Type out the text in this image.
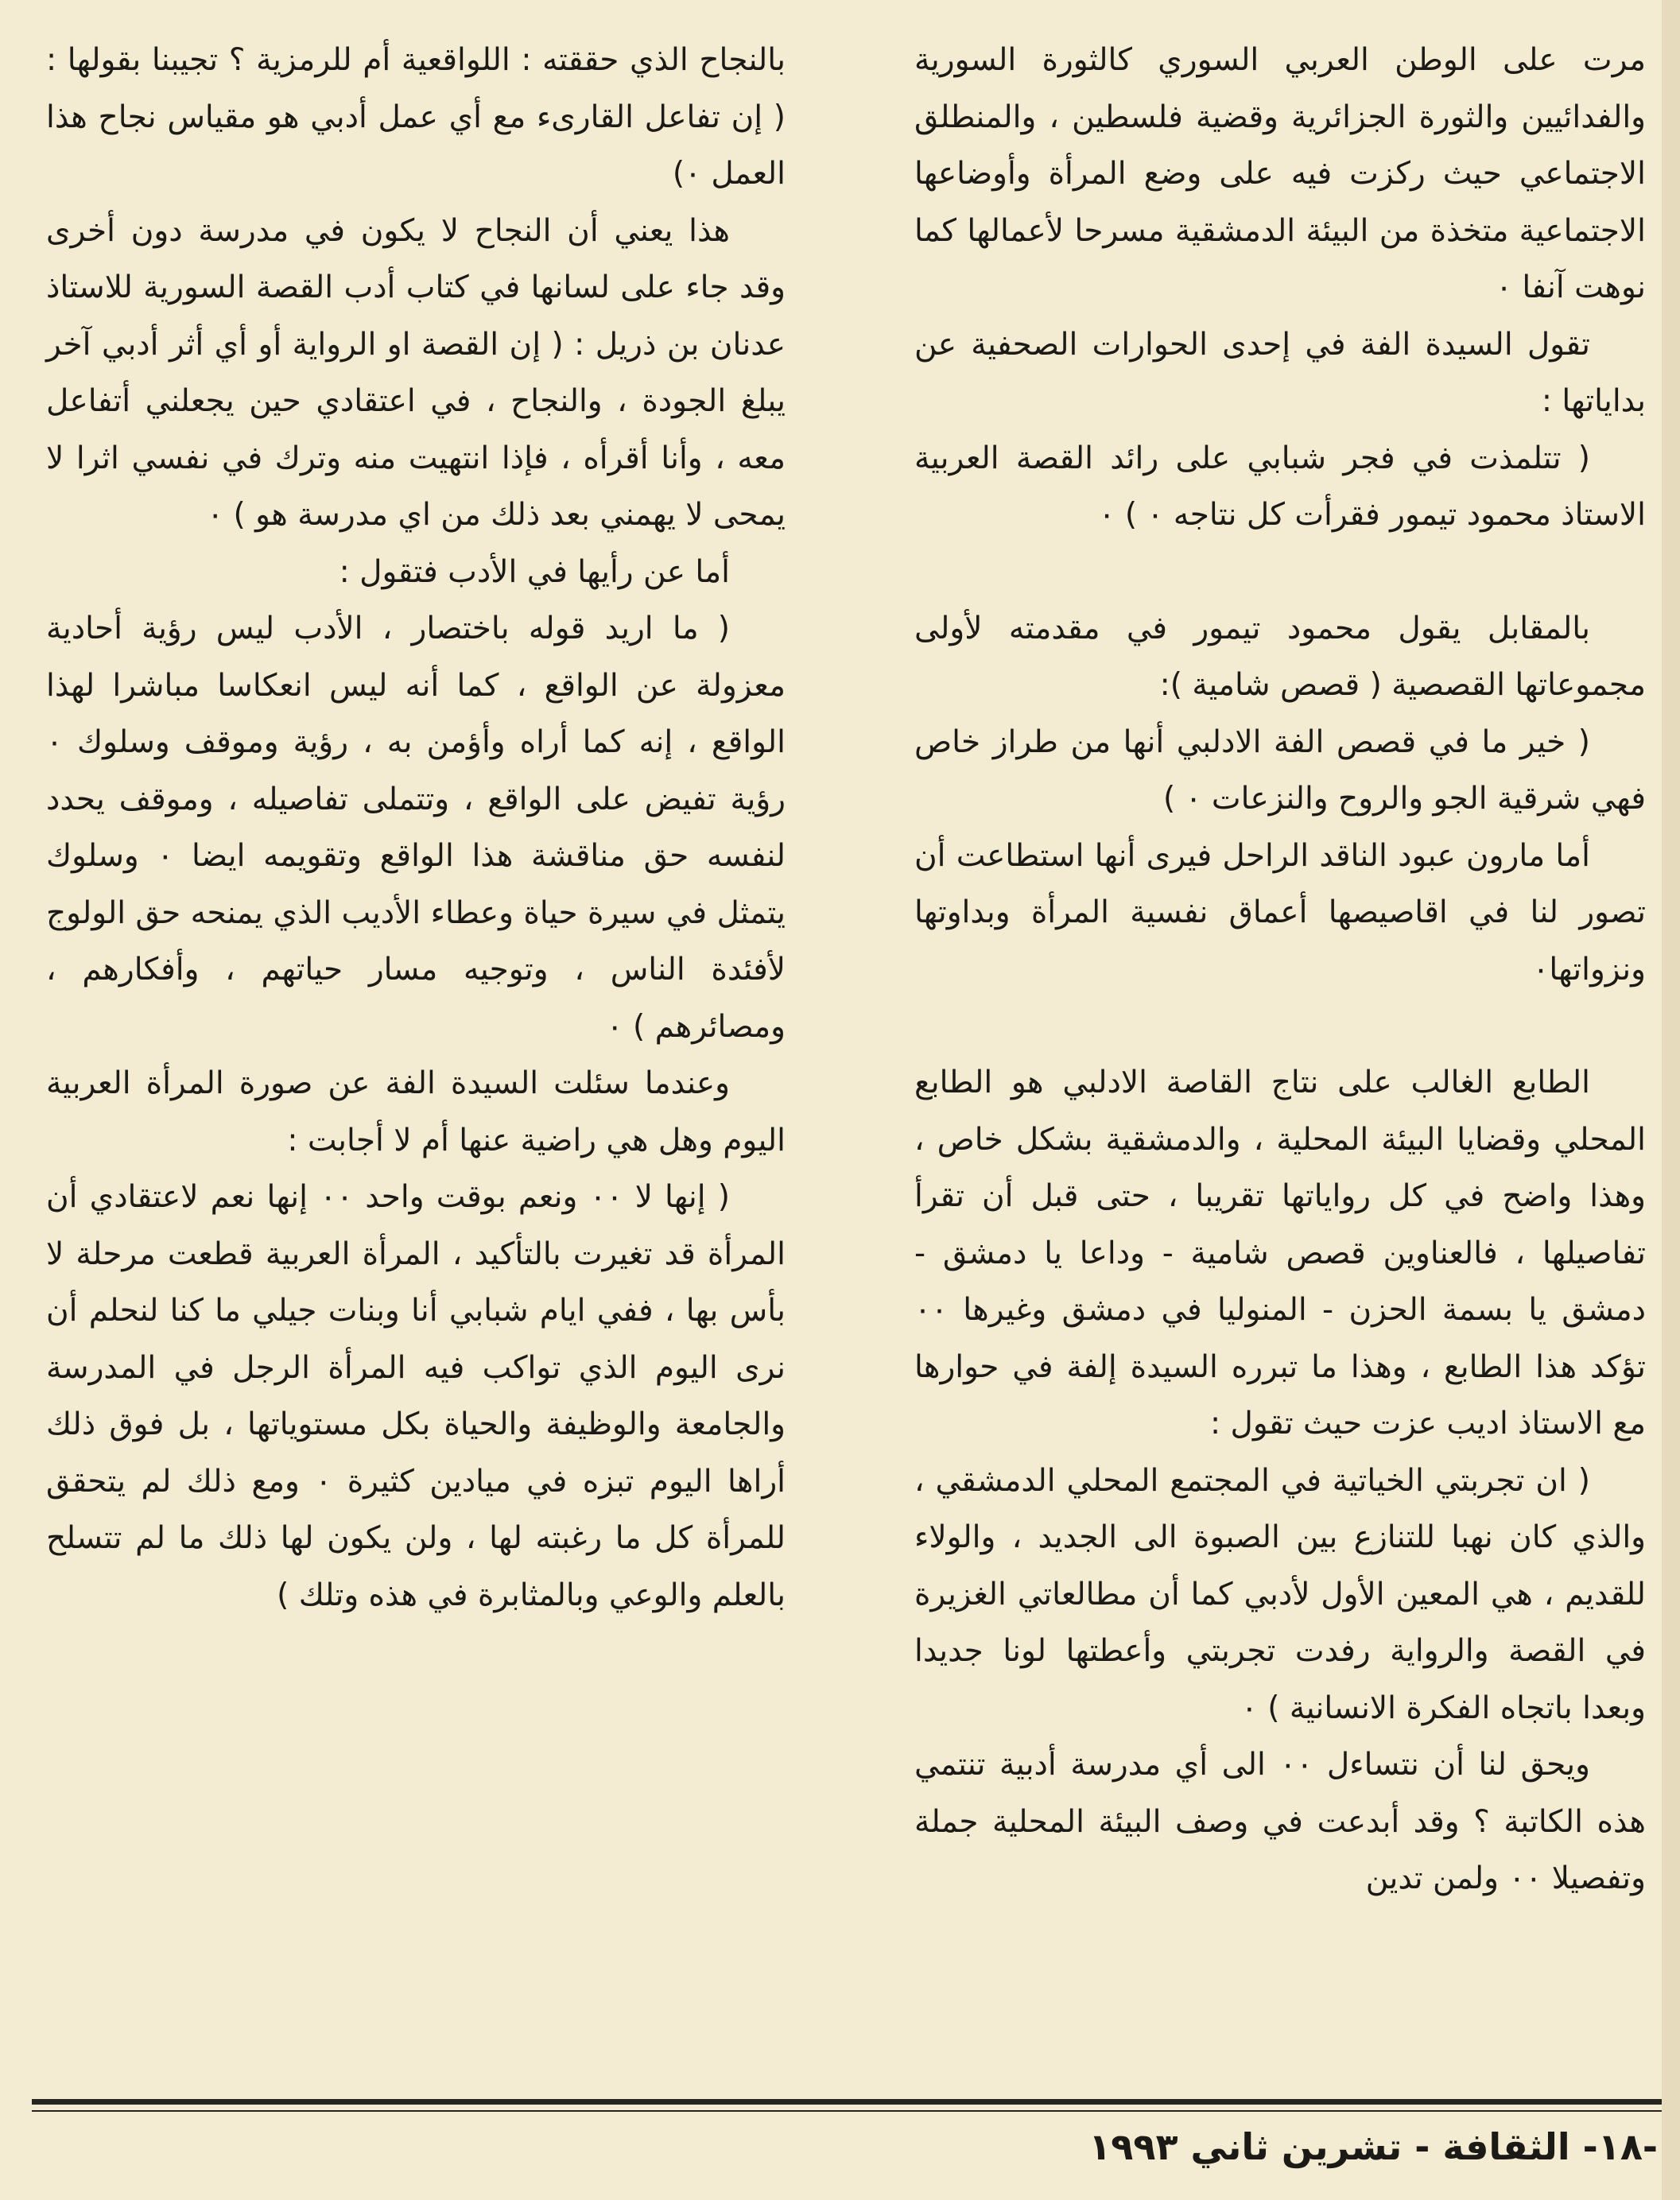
مرت على الوطن العربي السوري كالثورة السورية والفدائيين والثورة الجزائرية وقضية فلسطين ، والمنطلق الاجتماعي حيث ركزت فيه على وضع المرأة وأوضاعها الاجتماعية متخذة من البيئة الدمشقية مسرحا لأعمالها كما نوهت آنفا ٠

تقول السيدة الفة في إحدى الحوارات الصحفية عن بداياتها :

( تتلمذت في فجر شبابي على رائد القصة العربية الاستاذ محمود تيمور فقرأت كل نتاجه ٠ ) ٠

بالمقابل يقول محمود تيمور في مقدمته لأولى مجموعاتها القصصية ( قصص شامية ):

( خير ما في قصص الفة الادلبي أنها من طراز خاص فهي شرقية الجو والروح والنزعات ٠ )

أما مارون عبود الناقد الراحل فيرى أنها استطاعت أن تصور لنا في اقاصيصها أعماق نفسية المرأة وبداوتها ونزواتها٠

الطابع الغالب على نتاج القاصة الادلبي هو الطابع المحلي وقضايا البيئة المحلية ، والدمشقية بشكل خاص ، وهذا واضح في كل رواياتها تقريبا ، حتى قبل أن تقرأ تفاصيلها ، فالعناوين قصص شامية - وداعا يا دمشق - دمشق يا بسمة الحزن - المنوليا في دمشق وغيرها ٠٠ تؤكد هذا الطابع ، وهذا ما تبرره السيدة إلفة في حوارها مع الاستاذ اديب عزت حيث تقول :

( ان تجربتي الخياتية في المجتمع المحلي الدمشقي ، والذي كان نهبا للتنازع بين الصبوة الى الجديد ، والولاء للقديم ، هي المعين الأول لأدبي كما أن مطالعاتي الغزيرة في القصة والرواية رفدت تجربتي وأعطتها لونا جديدا وبعدا باتجاه الفكرة الانسانية ) ٠

ويحق لنا أن نتساءل ٠٠ الى أي مدرسة أدبية تنتمي هذه الكاتبة ؟ وقد أبدعت في وصف البيئة المحلية جملة وتفصيلا ٠٠ ولمن تدين

بالنجاح الذي حققته : اللواقعية أم للرمزية ؟ تجيبنا بقولها : ( إن تفاعل القارىء مع أي عمل أدبي هو مقياس نجاح هذا العمل ٠)

هذا يعني أن النجاح لا يكون في مدرسة دون أخرى وقد جاء على لسانها في كتاب أدب القصة السورية للاستاذ عدنان بن ذريل : ( إن القصة او الرواية أو أي أثر أدبي آخر يبلغ الجودة ، والنجاح ، في اعتقادي حين يجعلني أتفاعل معه ، وأنا أقرأه ، فإذا انتهيت منه وترك في نفسي اثرا لا يمحى لا يهمني بعد ذلك من اي مدرسة هو ) ٠

أما عن رأيها في الأدب فتقول :

( ما اريد قوله باختصار ، الأدب ليس رؤية أحادية معزولة عن الواقع ، كما أنه ليس انعكاسا مباشرا لهذا الواقع ، إنه كما أراه وأؤمن به ، رؤية وموقف وسلوك ٠ رؤية تفيض على الواقع ، وتتملى تفاصيله ، وموقف يحدد لنفسه حق مناقشة هذا الواقع وتقويمه ايضا ٠ وسلوك يتمثل في سيرة حياة وعطاء الأديب الذي يمنحه حق الولوج لأفئدة الناس ، وتوجيه مسار حياتهم ، وأفكارهم ، ومصائرهم ) ٠

وعندما سئلت السيدة الفة عن صورة المرأة العربية اليوم وهل هي راضية عنها أم لا أجابت :

( إنها لا ٠٠ ونعم بوقت واحد ٠٠ إنها نعم لاعتقادي أن المرأة قد تغيرت بالتأكيد ، المرأة العربية قطعت مرحلة لا بأس بها ، ففي ايام شبابي أنا وبنات جيلي ما كنا لنحلم أن نرى اليوم الذي تواكب فيه المرأة الرجل في المدرسة والجامعة والوظيفة والحياة بكل مستوياتها ، بل فوق ذلك أراها اليوم تبزه في ميادين كثيرة ٠ ومع ذلك لم يتحقق للمرأة كل ما رغبته لها ، ولن يكون لها ذلك ما لم تتسلح بالعلم والوعي وبالمثابرة في هذه وتلك )

-١٨- الثقافة - تشرين ثاني ١٩٩٣
